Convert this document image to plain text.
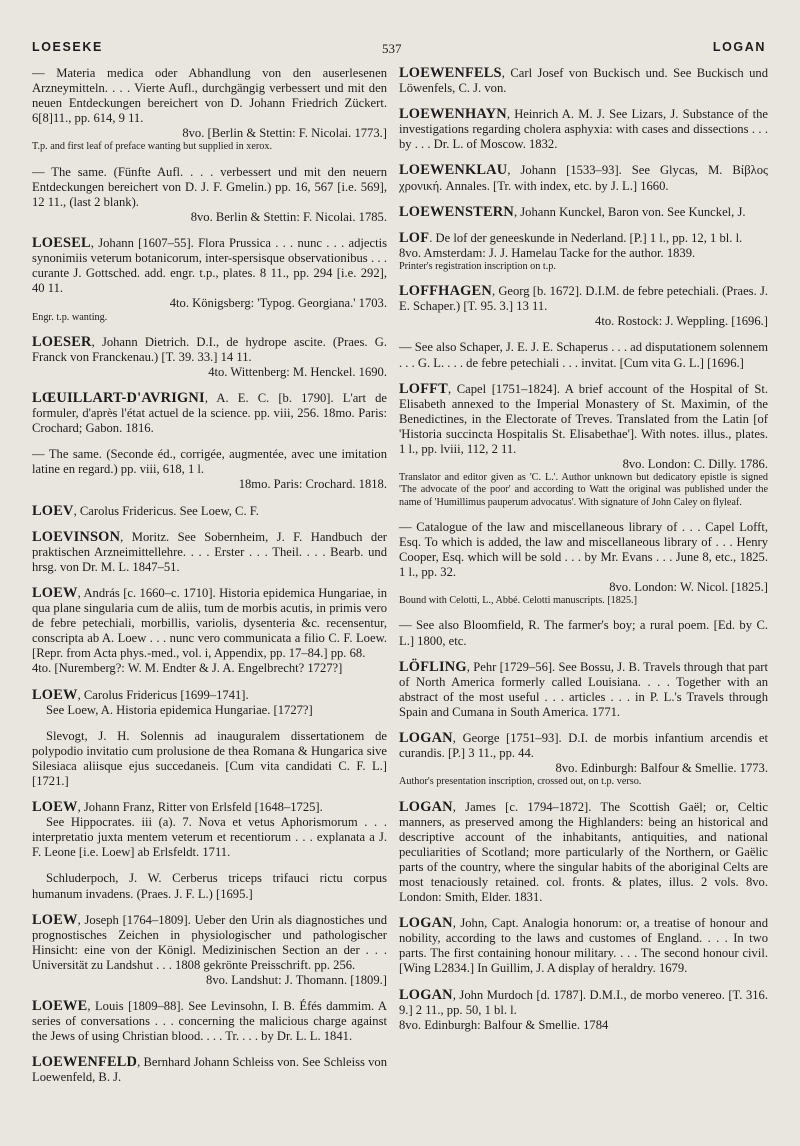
LOESEKE	537	LOGAN

— Materia medica oder Abhandlung von den auserlesenen Arzneymitteln. . . . Vierte Aufl., durchgängig verbessert und mit den neuen Entdeckungen bereichert von D. Johann Friedrich Zückert. 6[8]11., pp. 614, 9 11.

8vo. [Berlin & Stettin: F. Nicolai. 1773.]

T.p. and first leaf of preface wanting but supplied in xerox.

— The same. (Fünfte Aufl. . . . verbessert und mit den neuern Entdeckungen bereichert von D. J. F. Gmelin.) pp. 16, 567 [i.e. 569], 12 11., (last 2 blank).

8vo. Berlin & Stettin: F. Nicolai. 1785.

LOESEL, Johann [1607–55]. Flora Prussica . . . nunc . . . adjectis synonimiis veterum botanicorum, inter-spersisque observationibus . . . curante J. Gottsched. add. engr. t.p., plates. 8 11., pp. 294 [i.e. 292], 40 11.

4to. Königsberg: 'Typog. Georgiana.' 1703.

Engr. t.p. wanting.

LOESER, Johann Dietrich. D.I., de hydrope ascite. (Praes. G. Franck von Franckenau.) [T. 39. 33.] 14 11.

4to. Wittenberg: M. Henckel. 1690.

LŒUILLART-D'AVRIGNI, A. E. C. [b. 1790]. L'art de formuler, d'après l'état actuel de la science. pp. viii, 256. 18mo. Paris: Crochard; Gabon. 1816.

— The same. (Seconde éd., corrigée, augmentée, avec une imitation latine en regard.) pp. viii, 618, 1 l.

18mo. Paris: Crochard. 1818.

LOEV, Carolus Fridericus. See Loew, C. F.

LOEVINSON, Moritz. See Sobernheim, J. F. Handbuch der praktischen Arzneimittellehre. . . . Erster . . . Theil. . . . Bearb. und hrsg. von Dr. M. L. 1847–51.

LOEW, András [c. 1660–c. 1710]. Historia epidemica Hungariae, in qua plane singularia cum de aliis, tum de morbis acutis, in primis vero de febre petechiali, morbillis, variolis, dysenteria &c. recensentur, conscripta ab A. Loew . . . nunc vero communicata a filio C. F. Loew. [Repr. from Acta phys.-med., vol. i, Appendix, pp. 17–84.] pp. 68.

4to. [Nuremberg?: W. M. Endter & J. A. Engelbrecht? 1727?]

LOEW, Carolus Fridericus [1699–1741].

See Loew, A. Historia epidemica Hungariae. [1727?]

Slevogt, J. H. Solennis ad inauguralem dissertationem de polypodio invitatio cum prolusione de thea Romana & Hungarica sive Silesiaca aliisque ejus succedaneis. [Cum vita candidati C. F. L.] [1721.]

LOEW, Johann Franz, Ritter von Erlsfeld [1648–1725].

See Hippocrates. iii (a). 7. Nova et vetus Aphorismorum . . . interpretatio juxta mentem veterum et recentiorum . . . explanata a J. F. Leone [i.e. Loew] ab Erlsfeldt. 1711.

Schluderpoch, J. W. Cerberus triceps trifauci rictu corpus humanum invadens. (Praes. J. F. L.) [1695.]

LOEW, Joseph [1764–1809]. Ueber den Urin als diagnostiches und prognostisches Zeichen in physiologischer und pathologischer Hinsicht: eine von der Königl. Medizinischen Section an der . . . Universität zu Landshut . . . 1808 gekrönte Preisschrift. pp. 256.

8vo. Landshut: J. Thomann. [1809.]

LOEWE, Louis [1809–88]. See Levinsohn, I. B. Éfés dammim. A series of conversations . . . concerning the malicious charge against the Jews of using Christian blood. . . . Tr. . . . by Dr. L. L. 1841.

LOEWENFELD, Bernhard Johann Schleiss von. See Schleiss von Loewenfeld, B. J.

LOEWENFELS, Carl Josef von Buckisch und. See Buckisch und Löwenfels, C. J. von.

LOEWENHAYN, Heinrich A. M. J. See Lizars, J. Substance of the investigations regarding cholera asphyxia: with cases and dissections . . . by . . . Dr. L. of Moscow. 1832.

LOEWENKLAU, Johann [1533–93]. See Glycas, M. Βίβλος χρονική. Annales. [Tr. with index, etc. by J. L.] 1660.

LOEWENSTERN, Johann Kunckel, Baron von. See Kunckel, J.

LOF. De lof der geneeskunde in Nederland. [P.] 1 l., pp. 12, 1 bl. l.

8vo. Amsterdam: J. J. Hamelau Tacke for the author. 1839.

Printer's registration inscription on t.p.

LOFFHAGEN, Georg [b. 1672]. D.I.M. de febre petechiali. (Praes. J. E. Schaper.) [T. 95. 3.] 13 11.

4to. Rostock: J. Weppling. [1696.]

— See also Schaper, J. E. J. E. Schaperus . . . ad disputationem solennem . . . G. L. . . . de febre petechiali . . . invitat. [Cum vita G. L.] [1696.]

LOFFT, Capel [1751–1824]. A brief account of the Hospital of St. Elisabeth annexed to the Imperial Monastery of St. Maximin, of the Benedictines, in the Electorate of Treves. Translated from the Latin [of 'Historia succincta Hospitalis St. Elisabethae']. With notes. illus., plates. 1 l., pp. lviii, 112, 2 11.

8vo. London: C. Dilly. 1786.

Translator and editor given as 'C. L.'. Author unknown but dedicatory epistle is signed 'The advocate of the poor' and according to Watt the original was published under the name of 'Humillimus pauperum advocatus'. With signature of John Caley on flyleaf.

— Catalogue of the law and miscellaneous library of . . . Capel Lofft, Esq. To which is added, the law and miscellaneous library of . . . Henry Cooper, Esq. which will be sold . . . by Mr. Evans . . . June 8, etc., 1825. 1 l., pp. 32.

8vo. London: W. Nicol. [1825.]

Bound with Celotti, L., Abbé. Celotti manuscripts. [1825.]

— See also Bloomfield, R. The farmer's boy; a rural poem. [Ed. by C. L.] 1800, etc.

LÖFLING, Pehr [1729–56]. See Bossu, J. B. Travels through that part of North America formerly called Louisiana. . . . Together with an abstract of the most useful . . . articles . . . in P. L.'s Travels through Spain and Cumana in South America. 1771.

LOGAN, George [1751–93]. D.I. de morbis infantium arcendis et curandis. [P.] 3 11., pp. 44.

8vo. Edinburgh: Balfour & Smellie. 1773.

Author's presentation inscription, crossed out, on t.p. verso.

LOGAN, James [c. 1794–1872]. The Scottish Gaël; or, Celtic manners, as preserved among the Highlanders: being an historical and descriptive account of the inhabitants, antiquities, and national peculiarities of Scotland; more particularly of the Northern, or Gaëlic parts of the country, where the singular habits of the aboriginal Celts are most tenaciously retained. col. fronts. & plates, illus. 2 vols. 8vo. London: Smith, Elder. 1831.

LOGAN, John, Capt. Analogia honorum: or, a treatise of honour and nobility, according to the laws and customes of England. . . . In two parts. The first containing honour military. . . . The second honour civil. [Wing L2834.] In Guillim, J. A display of heraldry. 1679.

LOGAN, John Murdoch [d. 1787]. D.M.I., de morbo venereo. [T. 316. 9.] 2 11., pp. 50, 1 bl. l.

8vo. Edinburgh: Balfour & Smellie. 1784
